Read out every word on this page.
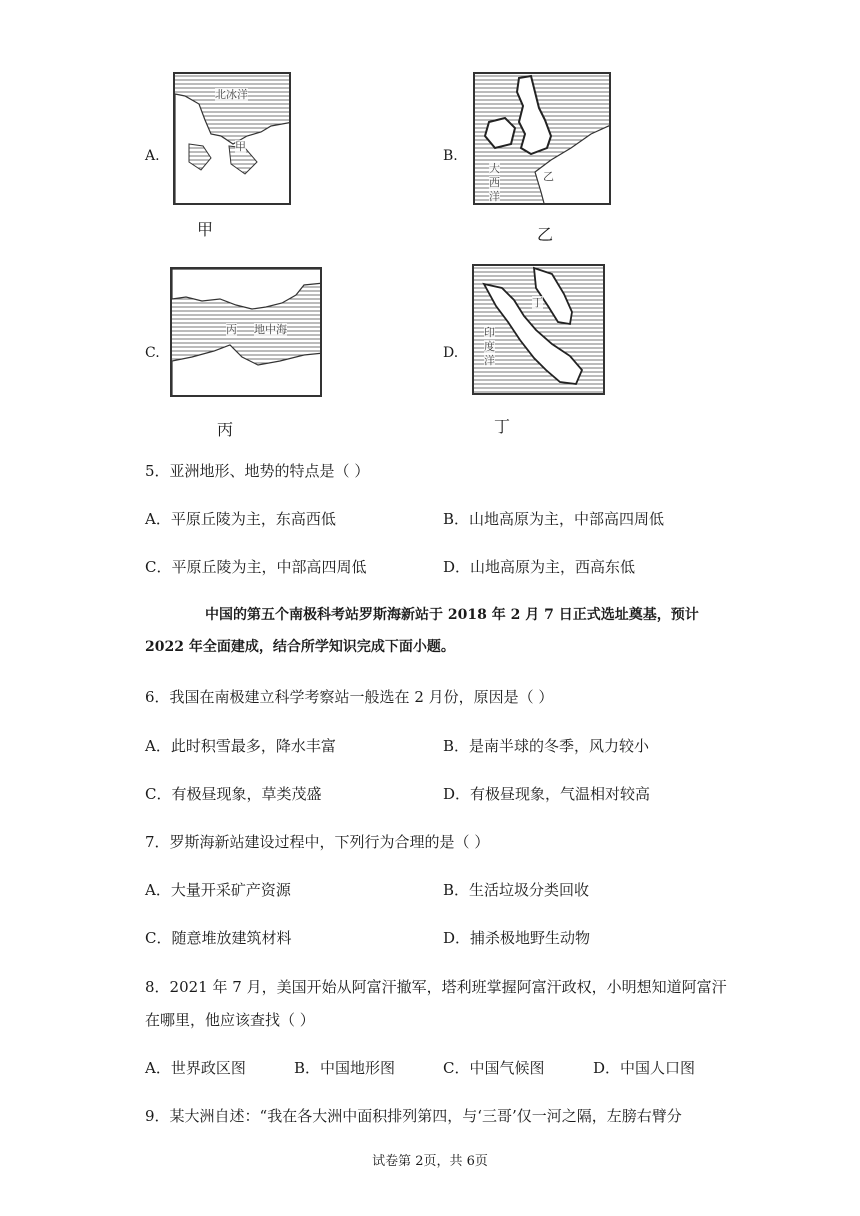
A.
北冰洋
甲
甲
B.
大
西
洋
乙
乙
C.
丙 地中海
丙
D.
丁
印
度
洋
丁
5．亚洲地形、地势的特点是（ ）
A．平原丘陵为主，东高西低	B．山地高原为主，中部高四周低
C．平原丘陵为主，中部高四周低	D．山地高原为主，西高东低
中国的第五个南极科考站罗斯海新站于 2018 年 2 月 7 日正式选址奠基，预计
2022 年全面建成，结合所学知识完成下面小题。
6．我国在南极建立科学考察站一般选在 2 月份，原因是（ ）
A．此时积雪最多，降水丰富	B．是南半球的冬季，风力较小
C．有极昼现象，草类茂盛	D．有极昼现象，气温相对较高
7．罗斯海新站建设过程中，下列行为合理的是（ ）
A．大量开采矿产资源	B．生活垃圾分类回收
C．随意堆放建筑材料	D．捕杀极地野生动物
8．2021 年 7 月，美国开始从阿富汗撤军，塔利班掌握阿富汗政权，小明想知道阿富汗
在哪里，他应该查找（ ）
A．世界政区图	B．中国地形图	C．中国气候图	D．中国人口图
9．某大洲自述：“我在各大洲中面积排列第四，与‘三哥’仅一河之隔，左膀右臂分
试卷第 2页，共 6页
